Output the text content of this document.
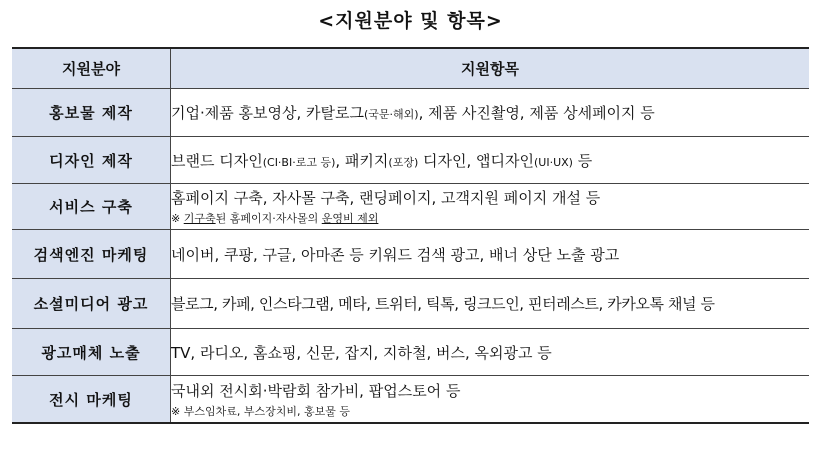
<지원분야 및 항목>
지원분야	지원항목
홍보물 제작	기업·제품 홍보영상, 카탈로그(국문·해외), 제품 사진촬영, 제품 상세페이지 등
디자인 제작	브랜드 디자인(CI·BI·로고 등), 패키지(포장) 디자인, 앱디자인(UI·UX) 등
서비스 구축	홈페이지 구축, 자사몰 구축, 랜딩페이지, 고객지원 페이지 개설 등
※ 기구축된 홈페이지·자사몰의 운영비 제외

검색엔진 마케팅	네이버, 쿠팡, 구글, 아마존 등 키워드 검색 광고, 배너 상단 노출 광고
소셜미디어 광고	블로그, 카페, 인스타그램, 메타, 트위터, 틱톡, 링크드인, 핀터레스트, 카카오톡 채널 등
광고매체 노출	TV, 라디오, 홈쇼핑, 신문, 잡지, 지하철, 버스, 옥외광고 등
전시 마케팅	국내외 전시회·박람회 참가비, 팝업스토어 등
※ 부스임차료, 부스장치비, 홍보물 등
